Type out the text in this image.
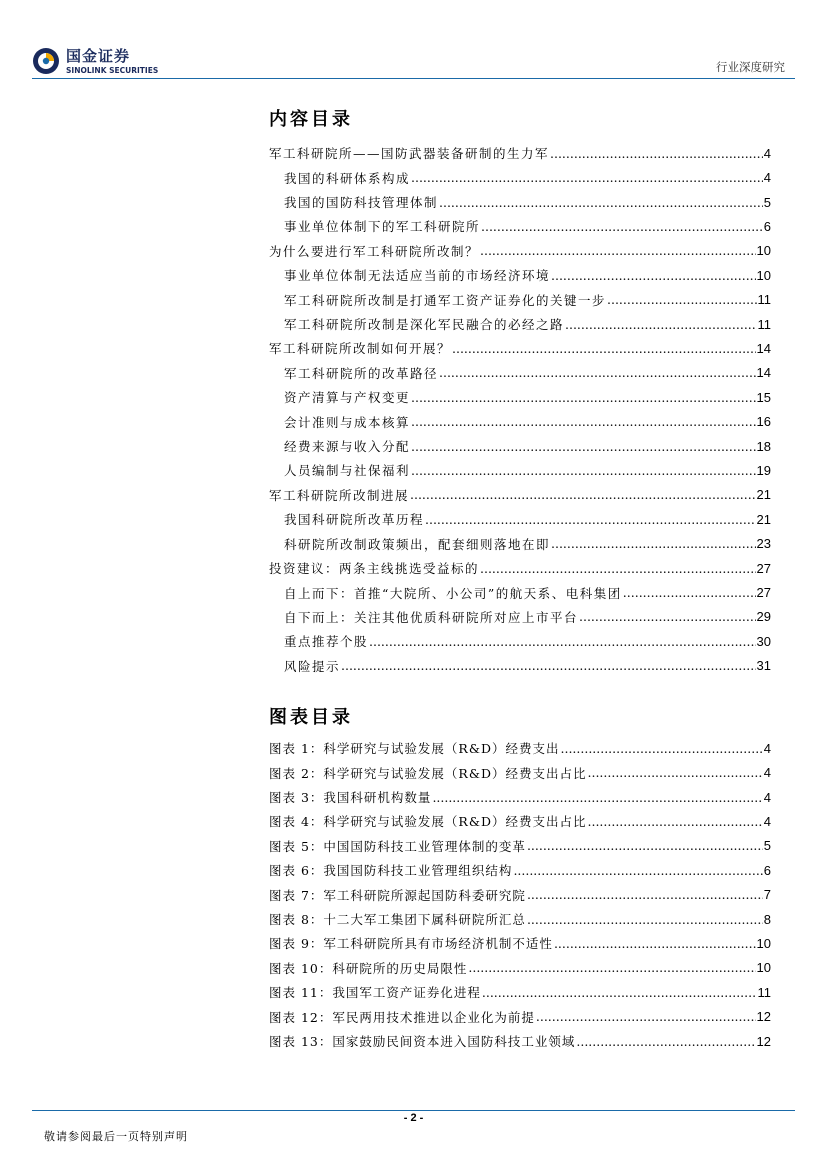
国金证券
SINOLINK SECURITIES	行业深度研究
内容目录
军工科研院所——国防武器装备研制的生力军 .....	4
我国的科研体系构成 .....	4
我国的国防科技管理体制 .....	5
事业单位体制下的军工科研院所 .....	6
为什么要进行军工科研院所改制？ .....	10
事业单位体制无法适应当前的市场经济环境 .....	10
军工科研院所改制是打通军工资产证券化的关键一步 .....	11
军工科研院所改制是深化军民融合的必经之路 .....	11
军工科研院所改制如何开展？ .....	14
军工科研院所的改革路径 .....	14
资产清算与产权变更 .....	15
会计准则与成本核算 .....	16
经费来源与收入分配 .....	18
人员编制与社保福利 .....	19
军工科研院所改制进展 .....	21
我国科研院所改革历程 .....	21
科研院所改制政策频出，配套细则落地在即 .....	23
投资建议：两条主线挑选受益标的 .....	27
自上而下：首推“大院所、小公司”的航天系、电科集团 .....	27
自下而上：关注其他优质科研院所对应上市平台 .....	29
重点推荐个股 .....	30
风险提示 .....	31
图表目录
图表 1：科学研究与试验发展（R&D）经费支出 .....	4
图表 2：科学研究与试验发展（R&D）经费支出占比 .....	4
图表 3：我国科研机构数量 .....	4
图表 4：科学研究与试验发展（R&D）经费支出占比 .....	4
图表 5：中国国防科技工业管理体制的变革 .....	5
图表 6：我国国防科技工业管理组织结构 .....	6
图表 7：军工科研院所源起国防科委研究院 .....	7
图表 8：十二大军工集团下属科研院所汇总 .....	8
图表 9：军工科研院所具有市场经济机制不适性 .....	10
图表 10：科研院所的历史局限性 .....	10
图表 11：我国军工资产证券化进程 .....	11
图表 12：军民两用技术推进以企业化为前提 .....	12
图表 13：国家鼓励民间资本进入国防科技工业领域 .....	12
- 2 -
敬请参阅最后一页特别声明
